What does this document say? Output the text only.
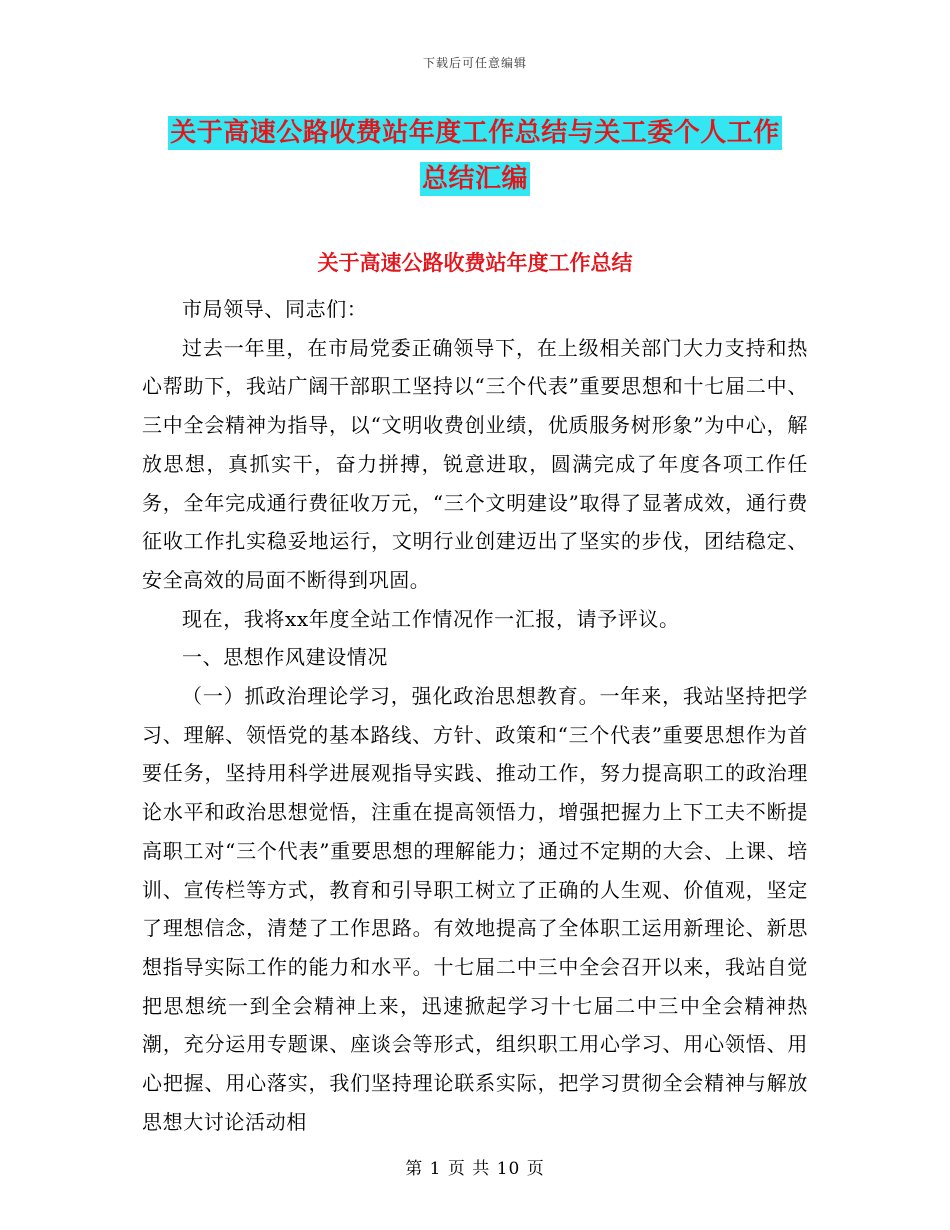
下载后可任意编辑
关于高速公路收费站年度工作总结与关工委个人工作
总结汇编
关于高速公路收费站年度工作总结

市局领导、同志们：

过去一年里，在市局党委正确领导下，在上级相关部门大力支持和热心帮助下，我站广阔干部职工坚持以“三个代表”重要思想和十七届二中、三中全会精神为指导，以“文明收费创业绩，优质服务树形象”为中心，解放思想，真抓实干，奋力拼搏，锐意进取，圆满完成了年度各项工作任务，全年完成通行费征收万元，“三个文明建设”取得了显著成效，通行费征收工作扎实稳妥地运行，文明行业创建迈出了坚实的步伐，团结稳定、安全高效的局面不断得到巩固。

现在，我将xx年度全站工作情况作一汇报，请予评议。

一、思想作风建设情况

（一）抓政治理论学习，强化政治思想教育。一年来，我站坚持把学习、理解、领悟党的基本路线、方针、政策和“三个代表”重要思想作为首要任务，坚持用科学进展观指导实践、推动工作，努力提高职工的政治理论水平和政治思想觉悟，注重在提高领悟力，增强把握力上下工夫不断提高职工对“三个代表”重要思想的理解能力；通过不定期的大会、上课、培训、宣传栏等方式，教育和引导职工树立了正确的人生观、价值观，坚定了理想信念，清楚了工作思路。有效地提高了全体职工运用新理论、新思想指导实际工作的能力和水平。十七届二中三中全会召开以来，我站自觉把思想统一到全会精神上来，迅速掀起学习十七届二中三中全会精神热潮，充分运用专题课、座谈会等形式，组织职工用心学习、用心领悟、用心把握、用心落实，我们坚持理论联系实际，把学习贯彻全会精神与解放思想大讨论活动相

第 1 页 共 10 页
